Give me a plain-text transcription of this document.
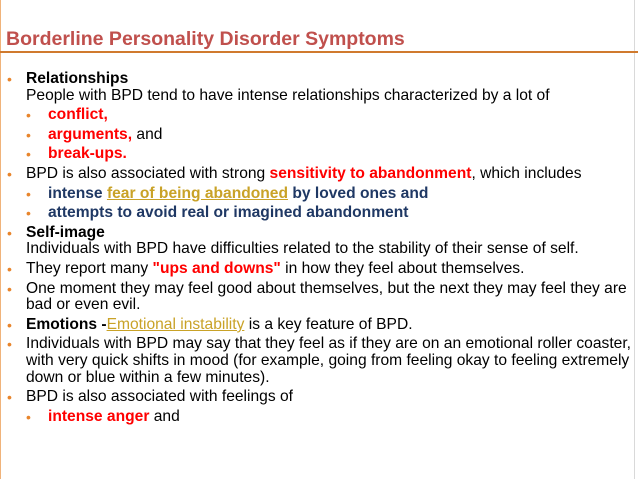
Borderline Personality Disorder Symptoms
• Relationships
People with BPD tend to have intense relationships characterized by a lot of
• conflict,
• arguments, and
• break-ups.
• BPD is also associated with strong sensitivity to abandonment, which includes
• intense fear of being abandoned by loved ones and
• attempts to avoid real or imagined abandonment
• Self-image
Individuals with BPD have difficulties related to the stability of their sense of self.
• They report many "ups and downs" in how they feel about themselves.
• One moment they may feel good about themselves, but the next they may feel they are bad or even evil.
• Emotions -Emotional instability is a key feature of BPD.
• Individuals with BPD may say that they feel as if they are on an emotional roller coaster, with very quick shifts in mood (for example, going from feeling okay to feeling extremely down or blue within a few minutes).
• BPD is also associated with feelings of
• intense anger and
